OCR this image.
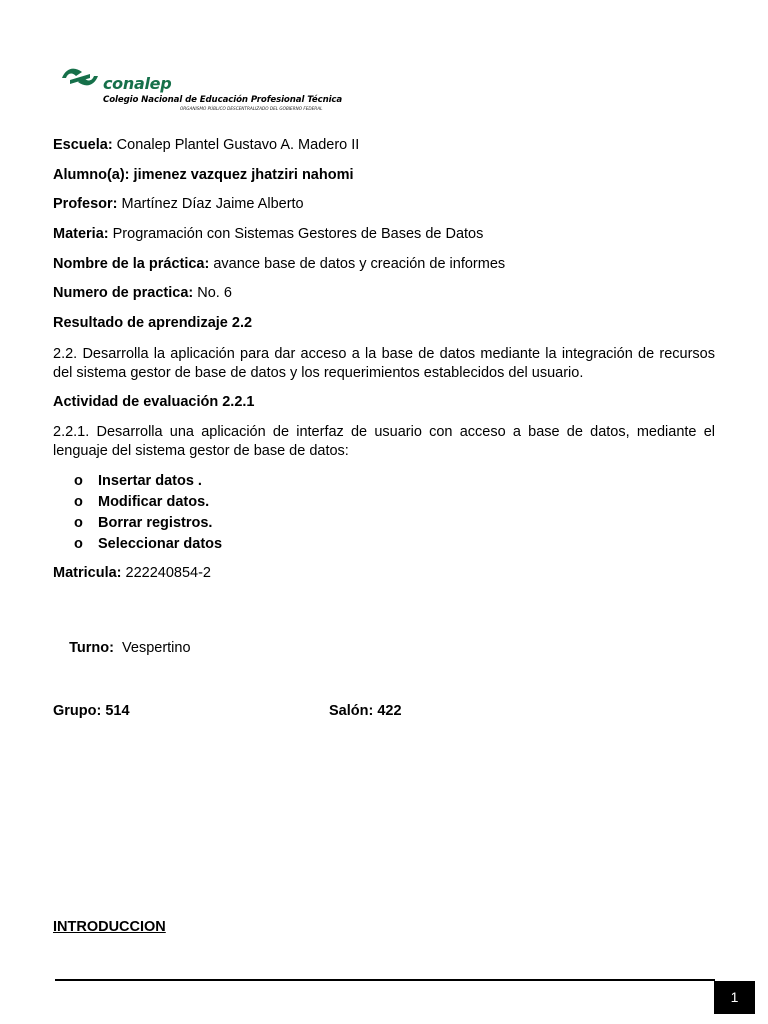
conalep
Colegio Nacional de Educación Profesional Técnica
ORGANISMO PÚBLICO DESCENTRALIZADO DEL GOBIERNO FEDERAL
Escuela: Conalep Plantel Gustavo A. Madero II
Alumno(a): jimenez vazquez jhatziri nahomi
Profesor: Martínez Díaz Jaime Alberto
Materia: Programación con Sistemas Gestores de Bases de Datos
Nombre de la práctica: avance base de datos y creación de informes
Numero de practica: No. 6
Resultado de aprendizaje 2.2
2.2. Desarrolla la aplicación para dar acceso a la base de datos mediante la integración de recursos del sistema gestor de base de datos y los requerimientos establecidos del usuario.
Actividad de evaluación 2.2.1
2.2.1. Desarrolla una aplicación de interfaz de usuario con acceso a base de datos, mediante el lenguaje del sistema gestor de base de datos:
o Insertar datos .
o Modificar datos.
o Borrar registros.
o Seleccionar datos
Matricula: 222240854-2

Turno:  Vespertino

Grupo: 514	Salón: 422
INTRODUCCION
1
